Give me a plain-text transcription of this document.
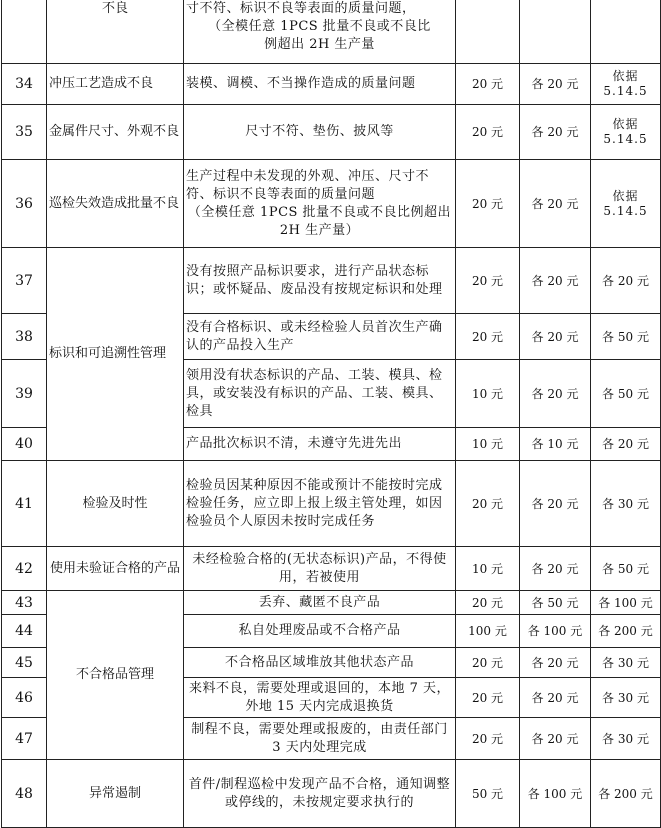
	不良	寸不符、标识不良等表面的质量问题，

（全模任意 1PCS 批量不良或不良比
例超出 2H 生产量			

34	冲压工艺造成不良	装模、调模、不当操作造成的质量问题	20 元	各 20 元	依据
5.14.5
35	金属件尺寸、外观不良	尺寸不符、垫伤、披风等	20 元	各 20 元	依据
5.14.5
36	巡检失效造成批量不良	生产过程中未发现的外观、冲压、尺寸不符、标识不良等表面的质量问题
（全模任意 1PCS 批量不良或不良比例超出 2H 生产量）	20 元	各 20 元	依据
5.14.5
37	标识和可追溯性管理	没有按照产品标识要求，进行产品状态标识；或怀疑品、废品没有按规定标识和处理	20 元	各 20 元	各 20 元
38		没有合格标识、或未经检验人员首次生产确认的产品投入生产	20 元	各 20 元	各 50 元
39		领用没有状态标识的产品、工装、模具、检具，或安装没有标识的产品、工装、模具、检具	10 元	各 20 元	各 50 元
40		产品批次标识不清，未遵守先进先出	10 元	各 10 元	各 20 元
41	检验及时性	检验员因某种原因不能或预计不能按时完成检验任务，应立即上报上级主管处理，如因检验员个人原因未按时完成任务	20 元	各 20 元	各 30 元
42	使用未验证合格的产品	未经检验合格的(无状态标识)产品，不得使用，若被使用	10 元	各 20 元	各 50 元
43	不合格品管理	丢弃、藏匿不良产品	20 元	各 50 元	各 100 元
44		私自处理废品或不合格产品	100 元	各 100 元	各 200 元
45		不合格品区域堆放其他状态产品	20 元	各 20 元	各 30 元
46		来料不良，需要处理或退回的，本地 7 天，外地 15 天内完成退换货	20 元	各 20 元	各 30 元
47		制程不良，需要处理或报废的，由责任部门 3 天内处理完成	20 元	各 20 元	各 30 元
48	异常遏制	首件/制程巡检中发现产品不合格，通知调整或停线的，未按规定要求执行的	50 元	各 100 元	各 200 元
